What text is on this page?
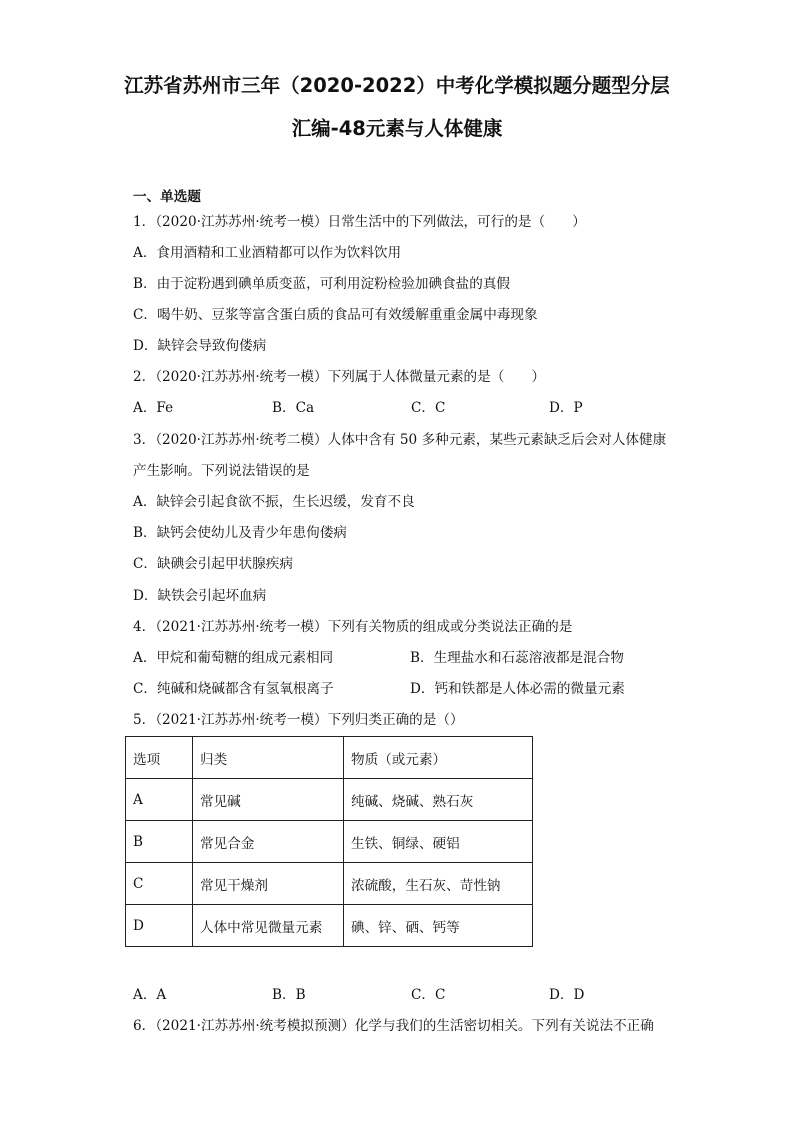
江苏省苏州市三年（2020-2022）中考化学模拟题分题型分层
汇编-48元素与人体健康
一、单选题
1．（2020·江苏苏州·统考一模）日常生活中的下列做法，可行的是（　　）
A．食用酒精和工业酒精都可以作为饮料饮用
B．由于淀粉遇到碘单质变蓝，可利用淀粉检验加碘食盐的真假
C．喝牛奶、豆浆等富含蛋白质的食品可有效缓解重重金属中毒现象
D．缺锌会导致佝偻病
2．（2020·江苏苏州·统考一模）下列属于人体微量元素的是（　　）
A．Fe	B．Ca	C．C	D．P
3．（2020·江苏苏州·统考二模）人体中含有 50 多种元素，某些元素缺乏后会对人体健康
产生影响。下列说法错误的是
A．缺锌会引起食欲不振，生长迟缓，发育不良
B．缺钙会使幼儿及青少年患佝偻病
C．缺碘会引起甲状腺疾病
D．缺铁会引起坏血病
4．（2021·江苏苏州·统考一模）下列有关物质的组成或分类说法正确的是
A．甲烷和葡萄糖的组成元素相同	B．生理盐水和石蕊溶液都是混合物
C．纯碱和烧碱都含有氢氧根离子	D．钙和铁都是人体必需的微量元素
5．（2021·江苏苏州·统考一模）下列归类正确的是（）
选项	归类	物质（或元素）
A	常见碱	纯碱、烧碱、熟石灰
B	常见合金	生铁、铜绿、硬铝
C	常见干燥剂	浓硫酸，生石灰、苛性钠
D	人体中常见微量元素	碘、锌、硒、钙等
A．A	B．B	C．C	D．D
6．（2021·江苏苏州·统考模拟预测）化学与我们的生活密切相关。下列有关说法不正确
